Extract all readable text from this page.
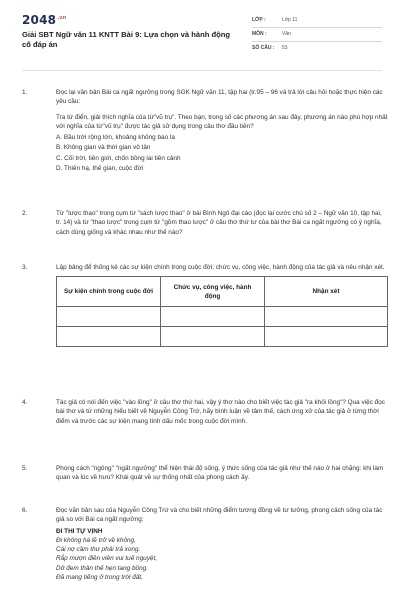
$2048^{.vn}$
Giải SBT Ngữ văn 11 KNTT Bài 9: Lựa chọn và hành động cố đáp án
LỚP :	Lớp 11
MÔN :	Văn
SỐ CÂU : 53
1.	Đọc lại văn bản Bài ca ngất ngưởng trong SGK Ngữ văn 11, tập hai (tr.95 – 96 và trả lời câu hỏi hoặc thực hiện các yêu cầu:

Tra từ điển, giải thích nghĩa của từ"vũ trụ". Theo bạn, trong số các phương án sau đây, phương án nào phù hợp nhất với nghĩa của từ"vũ trụ" được tác giả sử dụng trong câu thơ đầu tiên?

A. Bầu trời rộng lớn, khoảng không bao la
B. Không gian và thời gian vô tận
C. Cõi trời, tiên giới, chốn bồng lai tiên cảnh
D. Thiên hạ, thế gian, cuộc đời
2.	Từ "lược thao" trong cụm từ "sách lược thao" ở bài Bình Ngô đại cáo (đọc lại cước chú số 2 – Ngữ văn 10, tập hai, tr. 14) và từ "thao lược" trong cụm từ "gồm thao lược" ở câu thơ thứ tư của bài thơ Bài ca ngất ngưởng có ý nghĩa, cách dùng giống và khác nhau như thế nào?

3.	Lập bảng để thống kê các sự kiện chính trong cuộc đời; chức vụ, công việc, hành động của tác giả và nêu nhận xét.

Sự kiện chính trong cuộc đời	Chức vụ, công việc, hành động	Nhận xét

4.	Tác giả có nói đến việc "vào lồng" ở câu thơ thứ hai, vậy ý thơ nào cho biết việc tác giả "ra khỏi lồng"? Qua việc đọc bài thơ và từ những hiểu biết về Nguyễn Công Trứ, hãy bình luận về tâm thế, cách ứng xử của tác giả ở từng thời điểm và trước các sự kiện mang tính dấu mốc trong cuộc đời mình.

5.	Phong cách "ngông" "ngất ngưởng" thể hiện thái độ sống, ý thức sống của tác giả như thế nào ở hai chặng: khi làm quan và lúc về hưu? Khái quát về sự thống nhất của phong cách ấy.

6.	Đọc văn bản sau của Nguyễn Công Trứ và cho biết những điểm tương đồng về tư tưởng, phong cách sống của tác giả so với Bài ca ngất ngưởng:

ĐI THI TỰ VỊNH
Đi không há lẽ trở về không,
Cái nợ cầm thư phải trả xong.
Rắp mượn điền viên vui tuế nguyệt,
Dở đem thân thế hẹn tang bồng.
Đã mang tiếng ở trong trời đất,
